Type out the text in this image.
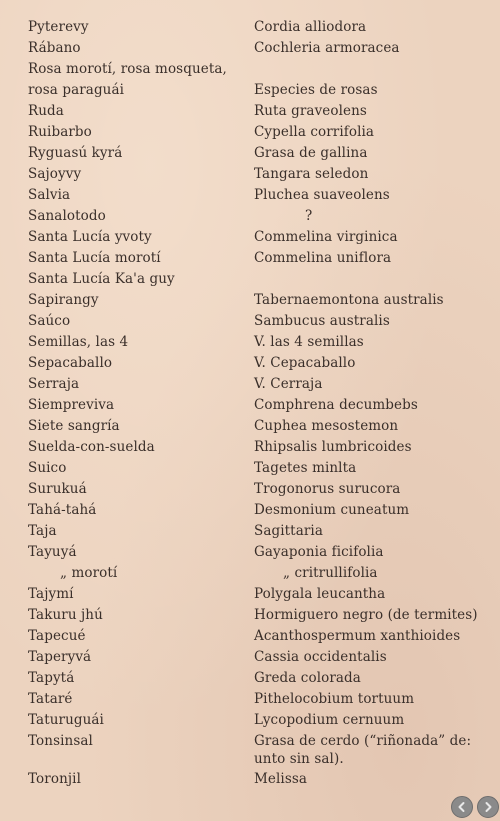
Pyterevy	Cordia alliodora
Rábano	Cochleria armoracea
Rosa morotí, rosa mosqueta,
rosa paraguái	Especies de rosas
Ruda	Ruta graveolens
Ruibarbo	Cypella corrifolia
Ryguasú kyrá	Grasa de gallina
Sajoyvy	Tangara seledon
Salvia	Pluchea suaveolens
Sanalotodo	?
Santa Lucía yvoty	Commelina virginica
Santa Lucía morotí	Commelina uniflora
Santa Lucía Ka'a guy
Sapirangy	Tabernaemontona australis
Saúco	Sambucus australis
Semillas, las 4	V. las 4 semillas
Sepacaballo	V. Cepacaballo
Serraja	V. Cerraja
Siempreviva	Comphrena decumbebs
Siete sangría	Cuphea mesostemon
Suelda-con-suelda	Rhipsalis lumbricoides
Suico	Tagetes minlta
Surukuá	Trogonorus surucora
Tahá-tahá	Desmonium cuneatum
Taja	Sagittaria
Tayuyá	Gayaponia ficifolia
„ morotí	„ critrullifolia
Tajymí	Polygala leucantha
Takuru jhú	Hormiguero negro (de termites)
Tapecué	Acanthospermum xanthioides
Taperyvá	Cassia occidentalis
Tapytá	Greda colorada
Tataré	Pithelocobium tortuum
Taturuguái	Lycopodium cernuum
Tonsinsal	Grasa de cerdo (“riñonada” de:
unto sin sal).
Toronjil	Melissa
